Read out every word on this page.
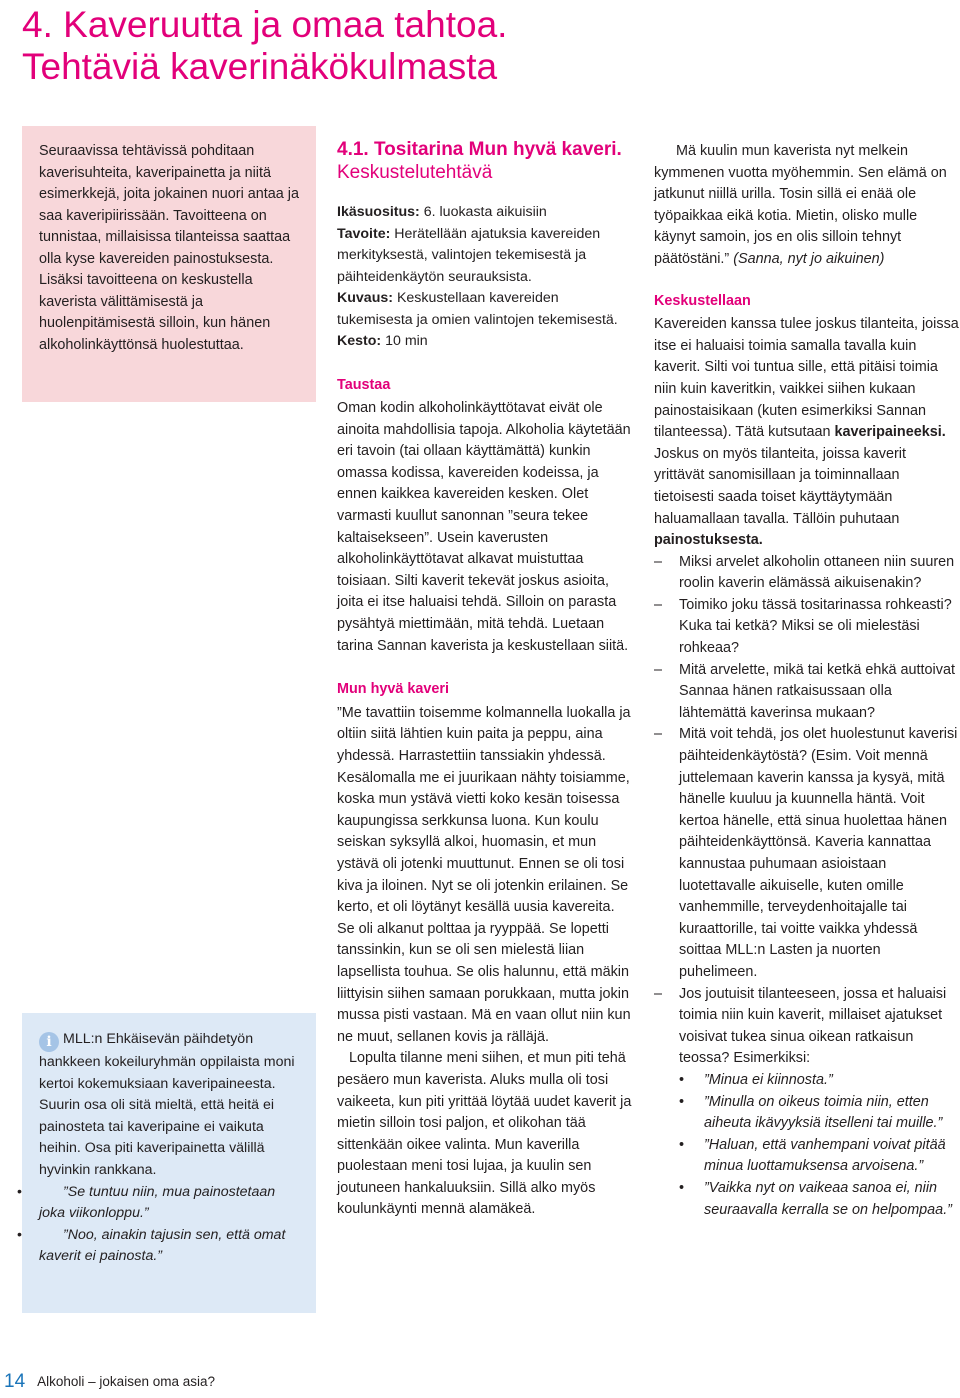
4. Kaveruutta ja omaa tahtoa.
Tehtäviä kaverinäkökulmasta

Seuraavissa tehtävissä pohditaan kaverisuhteita, kaveripainetta ja niitä esimerkkejä, joita jokainen nuori antaa ja saa kaveripiirissään. Tavoitteena on tunnistaa, millaisissa tilanteissa saattaa olla kyse kavereiden painostuksesta. Lisäksi tavoitteena on keskustella kaverista välittämisestä ja huolenpitämisestä silloin, kun hänen alkoholinkäyttönsä huolestuttaa.

i MLL:n Ehkäisevän päihdetyön hankkeen kokeiluryhmän oppilaista moni kertoi kokemuksiaan kaveripaineesta. Suurin osa oli sitä mieltä, että heitä ei painosteta tai kaveripaine ei vaikuta heihin. Osa piti kaveripainetta välillä hyvinkin rankkana.

• ”Se tuntuu niin, mua painostetaan joka viikonloppu.”
• ”Noo, ainakin tajusin sen, että omat kaverit ei painosta.”
4.1. Tositarina Mun hyvä kaveri. Keskustelutehtävä

Ikäsuositus: 6. luokasta aikuisiin

Tavoite: Herätellään ajatuksia kavereiden merkityksestä, valintojen tekemisestä ja päihteidenkäytön seurauksista.

Kuvaus: Keskustellaan kavereiden tukemisesta ja omien valintojen tekemisestä.

Kesto: 10 min

Taustaa

Oman kodin alkoholinkäyttötavat eivät ole ainoita mahdollisia tapoja. Alkoholia käytetään eri tavoin (tai ollaan käyttämättä) kunkin omassa kodissa, kavereiden kodeissa, ja ennen kaikkea kavereiden kesken. Olet varmasti kuullut sanonnan ”seura tekee kaltaisekseen”. Usein kaverusten alkoholinkäyttötavat alkavat muistuttaa toisiaan. Silti kaverit tekevät joskus asioita, joita ei itse haluaisi tehdä. Silloin on parasta pysähtyä miettimään, mitä tehdä. Luetaan tarina Sannan kaverista ja keskustellaan siitä.

Mun hyvä kaveri

”Me tavattiin toisemme kolmannella luokalla ja oltiin siitä lähtien kuin paita ja peppu, aina yhdessä. Harrastettiin tanssiakin yhdessä. Kesälomalla me ei juurikaan nähty toisiamme, koska mun ystävä vietti koko kesän toisessa kaupungissa serkkunsa luona. Kun koulu seiskan syksyllä alkoi, huomasin, et mun ystävä oli jotenki muuttunut. Ennen se oli tosi kiva ja iloinen. Nyt se oli jotenkin erilainen. Se kerto, et oli löytänyt kesällä uusia kavereita. Se oli alkanut polttaa ja ryyppää. Se lopetti tanssinkin, kun se oli sen mielestä liian lapsellista touhua. Se olis halunnu, että mäkin liittyisin siihen samaan porukkaan, mutta jokin mussa pisti vastaan. Mä en vaan ollut niin kun ne muut, sellanen kovis ja rälläjä.

Lopulta tilanne meni siihen, et mun piti tehä pesäero mun kaverista. Aluks mulla oli tosi vaikeeta, kun piti yrittää löytää uudet kaverit ja mietin silloin tosi paljon, et olikohan tää sittenkään oikee valinta. Mun kaverilla puolestaan meni tosi lujaa, ja kuulin sen joutuneen hankaluuksiin. Sillä alko myös koulunkäynti mennä alamäkeä.

Mä kuulin mun kaverista nyt melkein kymmenen vuotta myöhemmin. Sen elämä on jatkunut niillä urilla. Tosin sillä ei enää ole työpaikkaa eikä kotia. Mietin, olisko mulle käynyt samoin, jos en olis silloin tehnyt päätöstäni.” (Sanna, nyt jo aikuinen)

Keskustellaan

Kavereiden kanssa tulee joskus tilanteita, joissa itse ei haluaisi toimia samalla tavalla kuin kaverit. Silti voi tuntua sille, että pitäisi toimia niin kuin kaveritkin, vaikkei siihen kukaan painostaisikaan (kuten esimerkiksi Sannan tilanteessa). Tätä kutsutaan kaveripaineeksi. Joskus on myös tilanteita, joissa kaverit yrittävät sanomisillaan ja toiminnallaan tietoisesti saada toiset käyttäytymään haluamallaan tavalla. Tällöin puhutaan painostuksesta.

– Miksi arvelet alkoholin ottaneen niin suuren roolin kaverin elämässä aikuisenakin?
– Toimiko joku tässä tositarinassa rohkeasti? Kuka tai ketkä? Miksi se oli mielestäsi rohkeaa?
– Mitä arvelette, mikä tai ketkä ehkä auttoivat Sannaa hänen ratkaisussaan olla lähtemättä kaverinsa mukaan?
– Mitä voit tehdä, jos olet huolestunut kaverisi päihteidenkäytöstä? (Esim. Voit mennä juttelemaan kaverin kanssa ja kysyä, mitä hänelle kuuluu ja kuunnella häntä. Voit kertoa hänelle, että sinua huolettaa hänen päihteidenkäyttönsä. Kaveria kannattaa kannustaa puhumaan asioistaan luotettavalle aikuiselle, kuten omille vanhemmille, terveydenhoitajalle tai kuraattorille, tai voitte vaikka yhdessä soittaa MLL:n Lasten ja nuorten puhelimeen.
– Jos joutuisit tilanteeseen, jossa et haluaisi toimia niin kuin kaverit, millaiset ajatukset voisivat tukea sinua oikean ratkaisun teossa? Esimerkiksi:
• ”Minua ei kiinnosta.”
• ”Minulla on oikeus toimia niin, etten aiheuta ikävyyksiä itselleni tai muille.”
• ”Haluan, että vanhempani voivat pitää minua luottamuksensa arvoisena.”
• ”Vaikka nyt on vaikeaa sanoa ei, niin seuraavalla kerralla se on helpompaa.”
14 Alkoholi – jokaisen oma asia?
